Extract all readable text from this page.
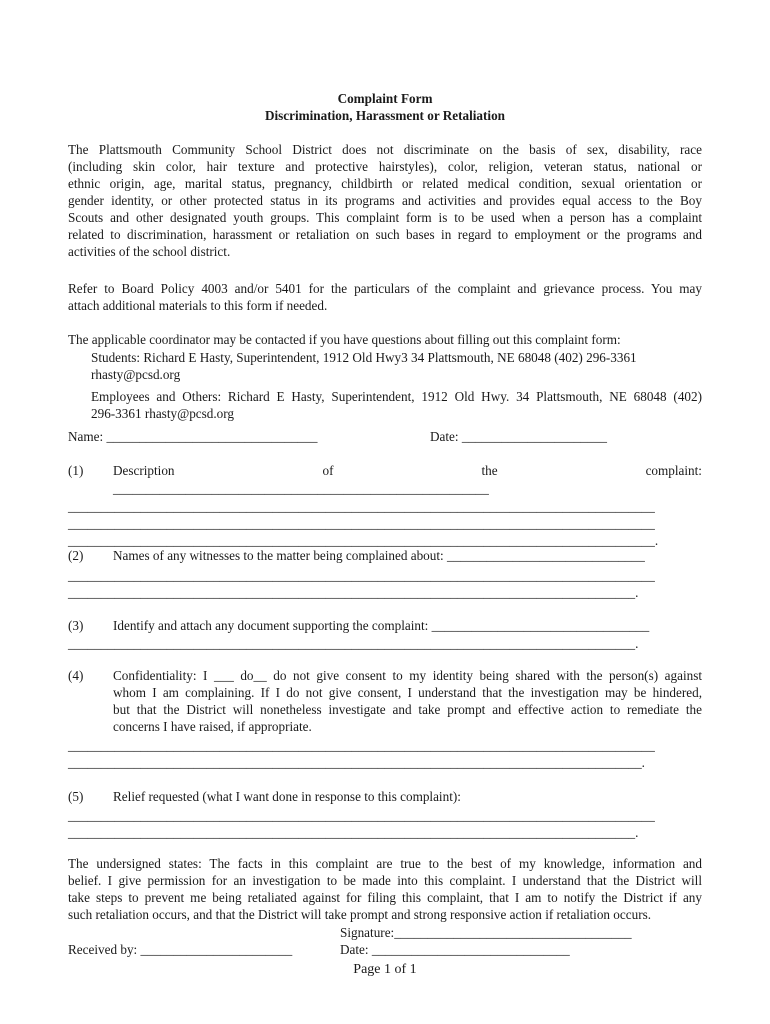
Complaint Form
Discrimination, Harassment or Retaliation
The Plattsmouth Community School District does not discriminate on the basis of sex, disability, race
(including skin color, hair texture and protective hairstyles), color, religion, veteran status, national or
ethnic origin, age, marital status, pregnancy, childbirth or related medical condition, sexual orientation or
gender identity, or other protected status in its programs and activities and provides equal access to the Boy
Scouts and other designated youth groups. This complaint form is to be used when a person has a complaint
related to discrimination, harassment or retaliation on such bases in regard to employment or the programs and
activities of the school district.
Refer to Board Policy 4003 and/or 5401 for the particulars of the complaint and grievance process. You may
attach additional materials to this form if needed.
The applicable coordinator may be contacted if you have questions about filling out this complaint form:
Students: Richard E Hasty, Superintendent, 1912 Old Hwy3 34 Plattsmouth, NE 68048 (402) 296-3361
rhasty@pcsd.org
Employees and Others: Richard E Hasty, Superintendent, 1912 Old Hwy. 34 Plattsmouth, NE 68048 (402)
296-3361 rhasty@pcsd.org
Name: ________________________________	Date: ______________________
(1) Description	of	the	complaint:
_________________________________________________________
_________________________________________________________________________________________
_________________________________________________________________________________________
_________________________________________________________________________________________.
(2) Names of any witnesses to the matter being complained about: ______________________________
_________________________________________________________________________________________
______________________________________________________________________________________.
(3) Identify and attach any document supporting the complaint: _________________________________
______________________________________________________________________________________.
(4) Confidentiality: I ___ do__ do not give consent to my identity being shared with the person(s) against
whom I am complaining. If I do not give consent, I understand that the investigation may be hindered,
but that the District will nonetheless investigate and take prompt and effective action to remediate the
concerns I have raised, if appropriate.
_________________________________________________________________________________________
_______________________________________________________________________________________.
(5) Relief requested (what I want done in response to this complaint):
_________________________________________________________________________________________
______________________________________________________________________________________.
The undersigned states: The facts in this complaint are true to the best of my knowledge, information and
belief. I give permission for an investigation to be made into this complaint. I understand that the District will
take steps to prevent me being retaliated against for filing this complaint, that I am to notify the District if any
such retaliation occurs, and that the District will take prompt and strong responsive action if retaliation occurs.
Signature:____________________________________
Received by: _______________________	Date: ______________________________
Page 1 of 1
